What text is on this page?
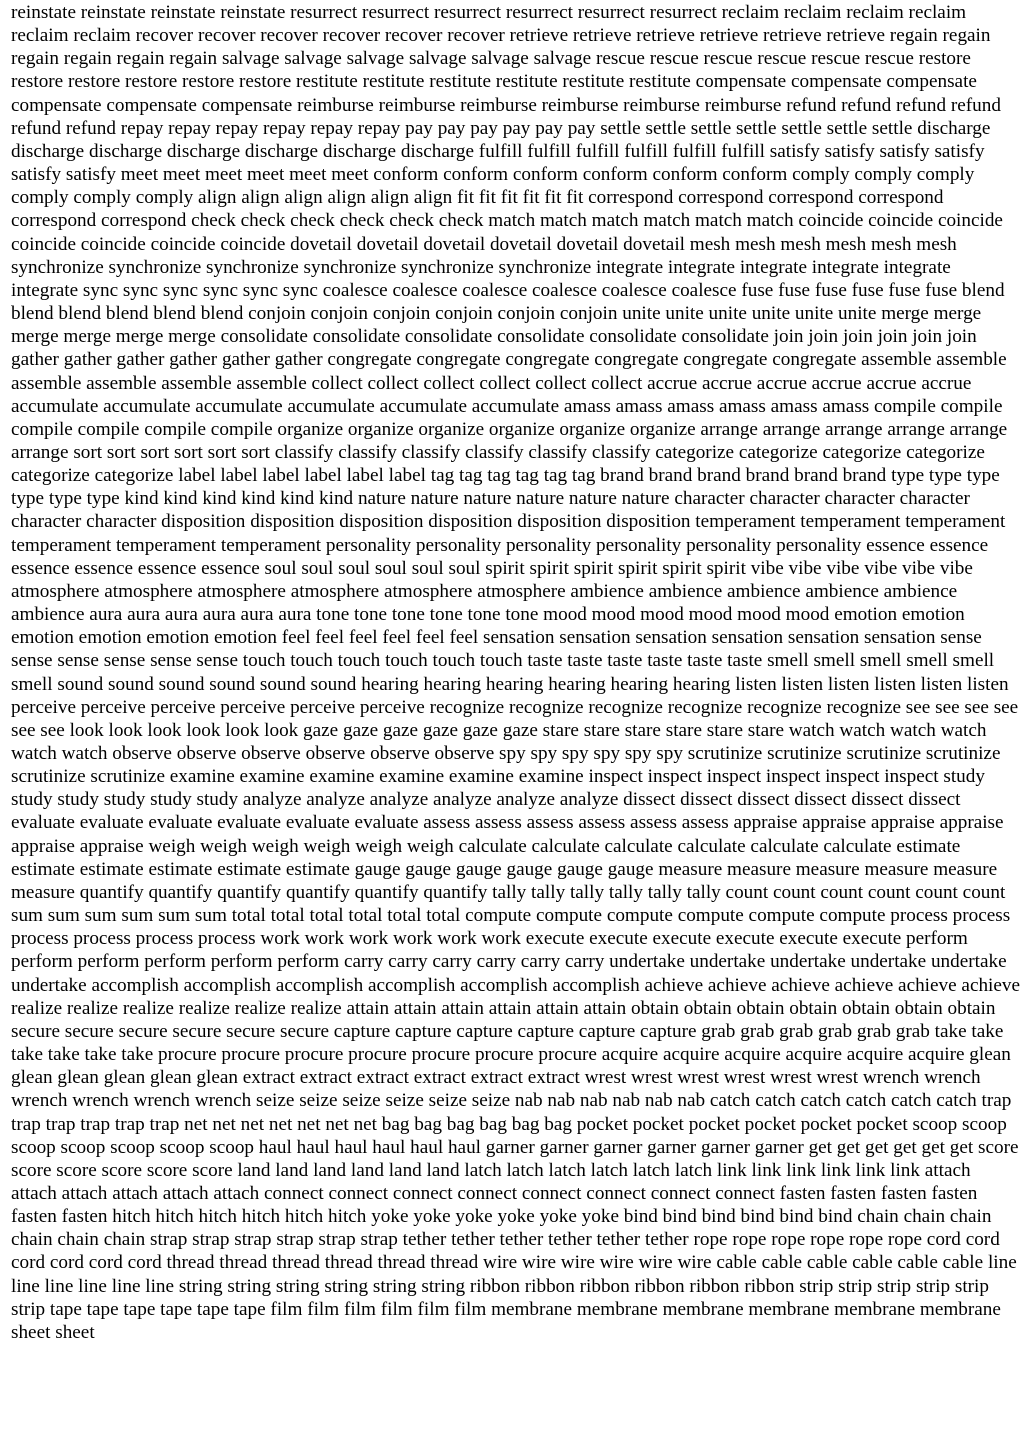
reinstate reinstate reinstate reinstate resurrect resurrect resurrect resurrect resurrect resurrect reclaim reclaim reclaim reclaim reclaim reclaim recover recover recover recover recover recover retrieve retrieve retrieve retrieve retrieve retrieve regain regain regain regain regain regain salvage salvage salvage salvage salvage salvage rescue rescue rescue rescue rescue rescue restore restore restore restore restore restore restitute restitute restitute restitute restitute restitute compensate compensate compensate compensate compensate compensate reimburse reimburse reimburse reimburse reimburse reimburse refund refund refund refund refund refund repay repay repay repay repay repay pay pay pay pay pay pay settle settle settle settle settle settle settle discharge discharge discharge discharge discharge discharge discharge fulfill fulfill fulfill fulfill fulfill fulfill satisfy satisfy satisfy satisfy satisfy satisfy meet meet meet meet meet meet conform conform conform conform conform conform comply comply comply comply comply comply align align align align align align fit fit fit fit fit fit correspond correspond correspond correspond correspond correspond check check check check check check match match match match match match coincide coincide coincide coincide coincide coincide coincide dovetail dovetail dovetail dovetail dovetail dovetail mesh mesh mesh mesh mesh mesh synchronize synchronize synchronize synchronize synchronize synchronize integrate integrate integrate integrate integrate integrate sync sync sync sync sync sync coalesce coalesce coalesce coalesce coalesce coalesce fuse fuse fuse fuse fuse fuse blend blend blend blend blend blend conjoin conjoin conjoin conjoin conjoin conjoin unite unite unite unite unite unite merge merge merge merge merge merge consolidate consolidate consolidate consolidate consolidate consolidate join join join join join join gather gather gather gather gather gather congregate congregate congregate congregate congregate congregate assemble assemble assemble assemble assemble assemble collect collect collect collect collect collect accrue accrue accrue accrue accrue accrue accumulate accumulate accumulate accumulate accumulate accumulate amass amass amass amass amass amass compile compile compile compile compile compile organize organize organize organize organize organize arrange arrange arrange arrange arrange arrange sort sort sort sort sort sort classify classify classify classify classify classify categorize categorize categorize categorize categorize categorize label label label label label label tag tag tag tag tag tag brand brand brand brand brand brand type type type type type type kind kind kind kind kind kind nature nature nature nature nature nature character character character character character character disposition disposition disposition disposition disposition disposition temperament temperament temperament temperament temperament temperament personality personality personality personality personality personality essence essence essence essence essence essence soul soul soul soul soul soul spirit spirit spirit spirit spirit spirit vibe vibe vibe vibe vibe vibe atmosphere atmosphere atmosphere atmosphere atmosphere atmosphere ambience ambience ambience ambience ambience ambience aura aura aura aura aura aura tone tone tone tone tone tone mood mood mood mood mood mood emotion emotion emotion emotion emotion emotion feel feel feel feel feel feel sensation sensation sensation sensation sensation sensation sense sense sense sense sense sense touch touch touch touch touch touch taste taste taste taste taste taste smell smell smell smell smell smell sound sound sound sound sound sound hearing hearing hearing hearing hearing hearing listen listen listen listen listen listen perceive perceive perceive perceive perceive perceive recognize recognize recognize recognize recognize recognize see see see see see see look look look look look look gaze gaze gaze gaze gaze gaze stare stare stare stare stare stare watch watch watch watch watch watch observe observe observe observe observe observe spy spy spy spy spy spy scrutinize scrutinize scrutinize scrutinize scrutinize scrutinize examine examine examine examine examine examine inspect inspect inspect inspect inspect inspect study study study study study study analyze analyze analyze analyze analyze analyze dissect dissect dissect dissect dissect dissect evaluate evaluate evaluate evaluate evaluate evaluate assess assess assess assess assess assess appraise appraise appraise appraise appraise appraise weigh weigh weigh weigh weigh weigh calculate calculate calculate calculate calculate calculate estimate estimate estimate estimate estimate estimate gauge gauge gauge gauge gauge gauge measure measure measure measure measure measure quantify quantify quantify quantify quantify quantify tally tally tally tally tally tally count count count count count count sum sum sum sum sum sum total total total total total total compute compute compute compute compute compute process process process process process process work work work work work work execute execute execute execute execute execute perform perform perform perform perform perform carry carry carry carry carry carry undertake undertake undertake undertake undertake undertake accomplish accomplish accomplish accomplish accomplish accomplish achieve achieve achieve achieve achieve achieve realize realize realize realize realize realize attain attain attain attain attain attain obtain obtain obtain obtain obtain obtain obtain secure secure secure secure secure secure capture capture capture capture capture capture grab grab grab grab grab grab take take take take take take procure procure procure procure procure procure procure acquire acquire acquire acquire acquire acquire glean glean glean glean glean glean extract extract extract extract extract extract wrest wrest wrest wrest wrest wrest wrench wrench wrench wrench wrench wrench seize seize seize seize seize seize nab nab nab nab nab nab catch catch catch catch catch catch trap trap trap trap trap trap net net net net net net net bag bag bag bag bag bag pocket pocket pocket pocket pocket pocket scoop scoop scoop scoop scoop scoop scoop haul haul haul haul haul haul garner garner garner garner garner garner get get get get get get score score score score score score land land land land land land latch latch latch latch latch latch link link link link link link attach attach attach attach attach attach connect connect connect connect connect connect connect connect fasten fasten fasten fasten fasten fasten hitch hitch hitch hitch hitch hitch yoke yoke yoke yoke yoke yoke bind bind bind bind bind bind chain chain chain chain chain chain strap strap strap strap strap strap tether tether tether tether tether tether rope rope rope rope rope rope cord cord cord cord cord cord thread thread thread thread thread thread wire wire wire wire wire wire cable cable cable cable cable cable line line line line line line string string string string string string ribbon ribbon ribbon ribbon ribbon ribbon strip strip strip strip strip strip tape tape tape tape tape tape film film film film film film membrane membrane membrane membrane membrane membrane sheet sheet
